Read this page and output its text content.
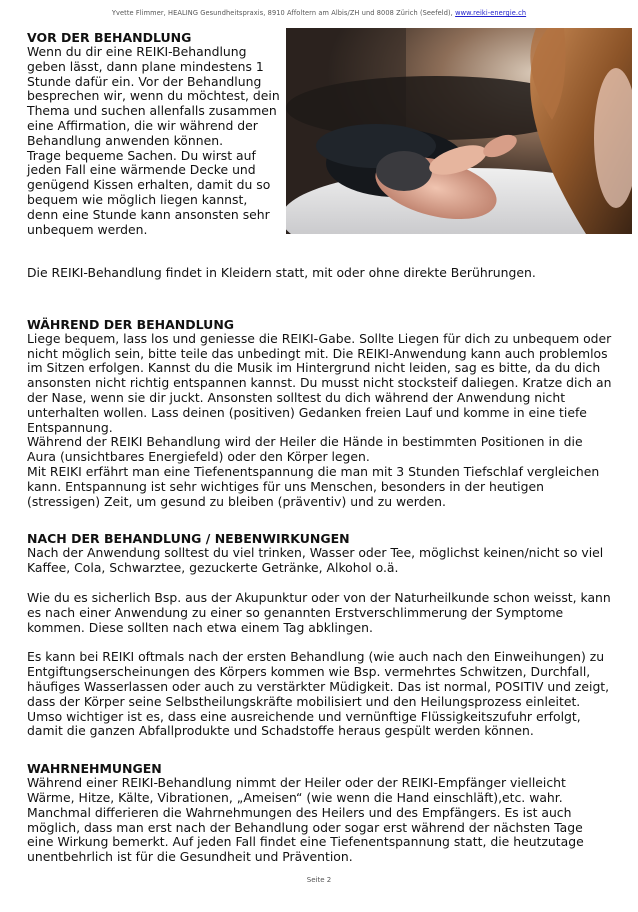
Yvette Flimmer, HEALING Gesundheitspraxis, 8910 Affoltern am Albis/ZH und 8008 Zürich (Seefeld), www.reiki-energie.ch
VOR DER BEHANDLUNG

Wenn du dir eine REIKI-Behandlung geben lässt, dann plane mindestens 1 Stunde dafür ein. Vor der Behandlung besprechen wir, wenn du möchtest, dein Thema und suchen allenfalls zusammen eine Affirmation, die wir während der Behandlung anwenden können.

Trage bequeme Sachen. Du wirst auf jeden Fall eine wärmende Decke und genügend Kissen erhalten, damit du so bequem wie möglich liegen kannst, denn eine Stunde kann ansonsten sehr unbequem werden.

Die REIKI-Behandlung findet in Kleidern statt, mit oder ohne direkte Berührungen.

WÄHREND DER BEHANDLUNG

Liege bequem, lass los und geniesse die REIKI-Gabe. Sollte Liegen für dich zu unbequem oder nicht möglich sein, bitte teile das unbedingt mit. Die REIKI-Anwendung kann auch problemlos im Sitzen erfolgen. Kannst du die Musik im Hintergrund nicht leiden, sag es bitte, da du dich ansonsten nicht richtig entspannen kannst. Du musst nicht stocksteif daliegen. Kratze dich an der Nase, wenn sie dir juckt. Ansonsten solltest du dich während der Anwendung nicht unterhalten wollen. Lass deinen (positiven) Gedanken freien Lauf und komme in eine tiefe Entspannung.

Während der REIKI Behandlung wird der Heiler die Hände in bestimmten Positionen in die Aura (unsichtbares Energiefeld) oder den Körper legen.

Mit REIKI erfährt man eine Tiefenentspannung die man mit 3 Stunden Tiefschlaf vergleichen kann. Entspannung ist sehr wichtiges für uns Menschen, besonders in der heutigen (stressigen) Zeit, um gesund zu bleiben (präventiv) und zu werden.

NACH DER BEHANDLUNG / NEBENWIRKUNGEN

Nach der Anwendung solltest du viel trinken, Wasser oder Tee, möglichst keinen/nicht so viel Kaffee, Cola, Schwarztee, gezuckerte Getränke, Alkohol o.ä.

Wie du es sicherlich Bsp. aus der Akupunktur oder von der Naturheilkunde schon weisst, kann es nach einer Anwendung zu einer so genannten Erstverschlimmerung der Symptome kommen. Diese sollten nach etwa einem Tag abklingen.

Es kann bei REIKI oftmals nach der ersten Behandlung (wie auch nach den Einweihungen) zu Entgiftungserscheinungen des Körpers kommen wie Bsp. vermehrtes Schwitzen, Durchfall, häufiges Wasserlassen oder auch zu verstärkter Müdigkeit. Das ist normal, POSITIV und zeigt, dass der Körper seine Selbstheilungskräfte mobilisiert und den Heilungsprozess einleitet.

Umso wichtiger ist es, dass eine ausreichende und vernünftige Flüssigkeitszufuhr erfolgt, damit die ganzen Abfallprodukte und Schadstoffe heraus gespült werden können.

WAHRNEHMUNGEN

Während einer REIKI-Behandlung nimmt der Heiler oder der REIKI-Empfänger vielleicht Wärme, Hitze, Kälte, Vibrationen, „Ameisen“ (wie wenn die Hand einschläft),etc. wahr. Manchmal differieren die Wahrnehmungen des Heilers und des Empfängers. Es ist auch möglich, dass man erst nach der Behandlung oder sogar erst während der nächsten Tage eine Wirkung bemerkt. Auf jeden Fall findet eine Tiefenentspannung statt, die heutzutage unentbehrlich ist für die Gesundheit und Prävention.

Seite 2
